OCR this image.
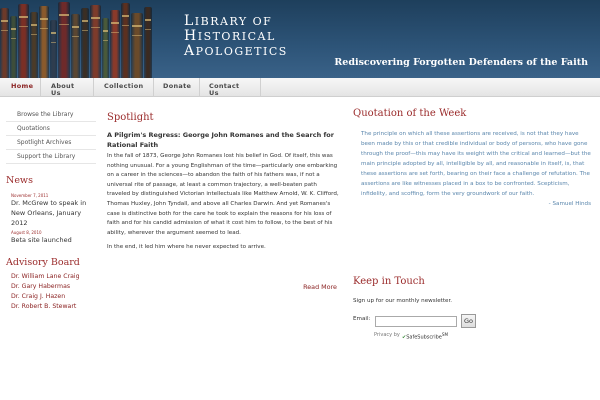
LIBRARY OF
HISTORICAL
APOLOGETICS
Rediscovering Forgotten Defenders of the Faith
Home	About
Us
Collection	Donate	Contact
Us
Browse the Library
Quotations
Spotlight Archives
Support the Library
News
November 7, 2011
Dr. McGrew to speak in New Orleans, January 2012
August 8, 2010
Beta site launched
Advisory Board
Dr. William Lane Craig
Dr. Gary Habermas
Dr. Craig J. Hazen
Dr. Robert B. Stewart
Spotlight
A Pilgrim's Regress: George John Romanes and the Search for Rational Faith

In the fall of 1873, George John Romanes lost his belief in God. Of itself, this was nothing unusual. For a young Englishman of the time—particularly one embarking on a career in the sciences—to abandon the faith of his fathers was, if not a universal rite of passage, at least a common trajectory, a well-beaten path traveled by distinguished Victorian intellectuals like Matthew Arnold, W. K. Clifford, Thomas Huxley, John Tyndall, and above all Charles Darwin. And yet Romanes's case is distinctive both for the care he took to explain the reasons for his loss of faith and for his candid admission of what it cost him to follow, to the best of his ability, wherever the argument seemed to lead.

In the end, it led him where he never expected to arrive.

Read More
Quotation of the Week
The principle on which all these assertions are received, is not that they have been made by this or that credible individual or body of persons, who have gone through the proof—this may have its weight with the critical and learned—but the main principle adopted by all, intelligible by all, and reasonable in itself, is, that these assertions are set forth, bearing on their face a challenge of refutation. The assertions are like witnesses placed in a box to be confronted. Scepticism, infidelity, and scoffing, form the very groundwork of our faith.
- Samuel Hinds
Keep in Touch
Sign up for our monthly newsletter.
Email:	Go
Privacy by ✔SafeSubscribe℠
